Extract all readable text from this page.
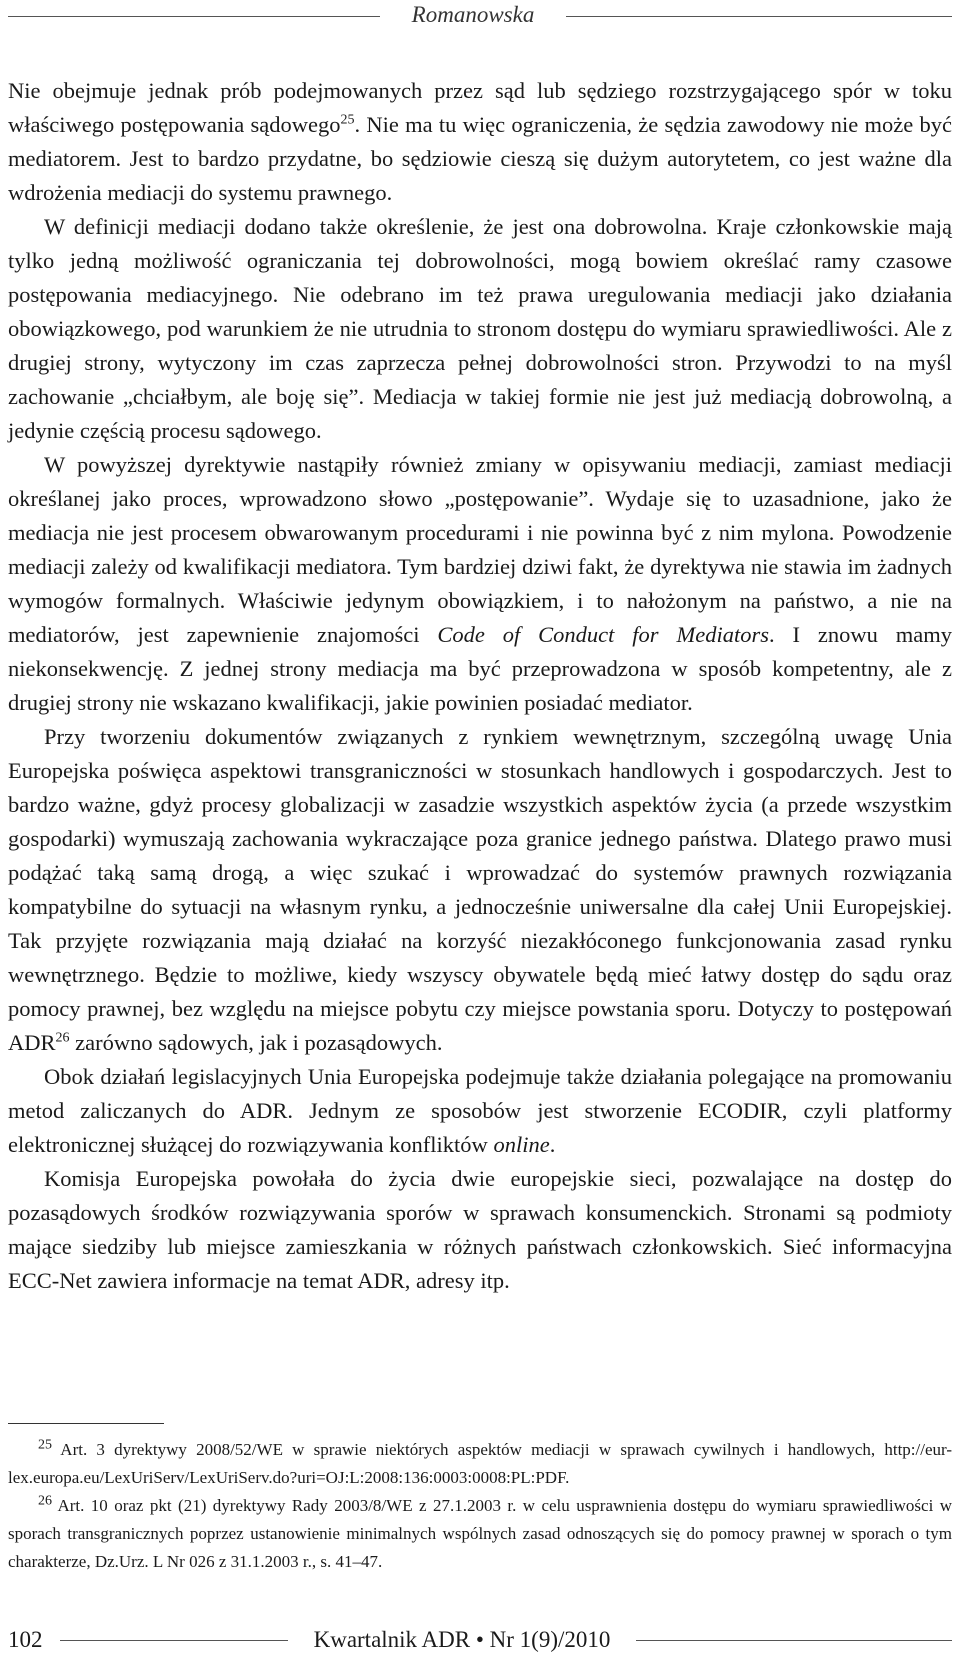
Romanowska

Nie obejmuje jednak prób podejmowanych przez sąd lub sędziego rozstrzygającego spór w toku właściwego postępowania sądowego$^{25}$. Nie ma tu więc ograniczenia, że sędzia zawodowy nie może być mediatorem. Jest to bardzo przydatne, bo sędziowie cieszą się dużym autorytetem, co jest ważne dla wdrożenia mediacji do systemu prawnego.

W definicji mediacji dodano także określenie, że jest ona dobrowolna. Kraje członkowskie mają tylko jedną możliwość ograniczania tej dobrowolności, mogą bowiem określać ramy czasowe postępowania mediacyjnego. Nie odebrano im też prawa uregulowania mediacji jako działania obowiązkowego, pod warunkiem że nie utrudnia to stronom dostępu do wymiaru sprawiedliwości. Ale z drugiej strony, wytyczony im czas zaprzecza pełnej dobrowolności stron. Przywodzi to na myśl zachowanie „chciałbym, ale boję się”. Mediacja w takiej formie nie jest już mediacją dobrowolną, a jedynie częścią procesu sądowego.

W powyższej dyrektywie nastąpiły również zmiany w opisywaniu mediacji, zamiast mediacji określanej jako proces, wprowadzono słowo „postępowanie”. Wydaje się to uzasadnione, jako że mediacja nie jest procesem obwarowanym procedurami i nie powinna być z nim mylona. Powodzenie mediacji zależy od kwalifikacji mediatora. Tym bardziej dziwi fakt, że dyrektywa nie stawia im żadnych wymogów formalnych. Właściwie jedynym obowiązkiem, i to nałożonym na państwo, a nie na mediatorów, jest zapewnienie znajomości Code of Conduct for Mediators. I znowu mamy niekonsekwencję. Z jednej strony mediacja ma być przeprowadzona w sposób kompetentny, ale z drugiej strony nie wskazano kwalifikacji, jakie powinien posiadać mediator.

Przy tworzeniu dokumentów związanych z rynkiem wewnętrznym, szczególną uwagę Unia Europejska poświęca aspektowi transgraniczności w stosunkach handlowych i gospodarczych. Jest to bardzo ważne, gdyż procesy globalizacji w zasadzie wszystkich aspektów życia (a przede wszystkim gospodarki) wymuszają zachowania wykraczające poza granice jednego państwa. Dlatego prawo musi podążać taką samą drogą, a więc szukać i wprowadzać do systemów prawnych rozwiązania kompatybilne do sytuacji na własnym rynku, a jednocześnie uniwersalne dla całej Unii Europejskiej. Tak przyjęte rozwiązania mają działać na korzyść niezakłóconego funkcjonowania zasad rynku wewnętrznego. Będzie to możliwe, kiedy wszyscy obywatele będą mieć łatwy dostęp do sądu oraz pomocy prawnej, bez względu na miejsce pobytu czy miejsce powstania sporu. Dotyczy to postępowań ADR$^{26}$ zarówno sądowych, jak i pozasądowych.

Obok działań legislacyjnych Unia Europejska podejmuje także działania polegające na promowaniu metod zaliczanych do ADR. Jednym ze sposobów jest stworzenie ECODIR, czyli platformy elektronicznej służącej do rozwiązywania konfliktów online.

Komisja Europejska powołała do życia dwie europejskie sieci, pozwalające na dostęp do pozasądowych środków rozwiązywania sporów w sprawach konsumenckich. Stronami są podmioty mające siedziby lub miejsce zamieszkania w różnych państwach członkowskich. Sieć informacyjna ECC-Net zawiera informacje na temat ADR, adresy itp.

$^{25}$ Art. 3 dyrektywy 2008/52/WE w sprawie niektórych aspektów mediacji w sprawach cywilnych i handlowych, http://eur-lex.europa.eu/LexUriServ/LexUriServ.do?uri=OJ:L:2008:136:0003:0008:PL:PDF.

$^{26}$ Art. 10 oraz pkt (21) dyrektywy Rady 2003/8/WE z 27.1.2003 r. w celu usprawnienia dostępu do wymiaru sprawiedliwości w sporach transgranicznych poprzez ustanowienie minimalnych wspólnych zasad odnoszących się do pomocy prawnej w sporach o tym charakterze, Dz.Urz. L Nr 026 z 31.1.2003 r., s. 41–47.

102	Kwartalnik ADR • Nr 1(9)/2010
